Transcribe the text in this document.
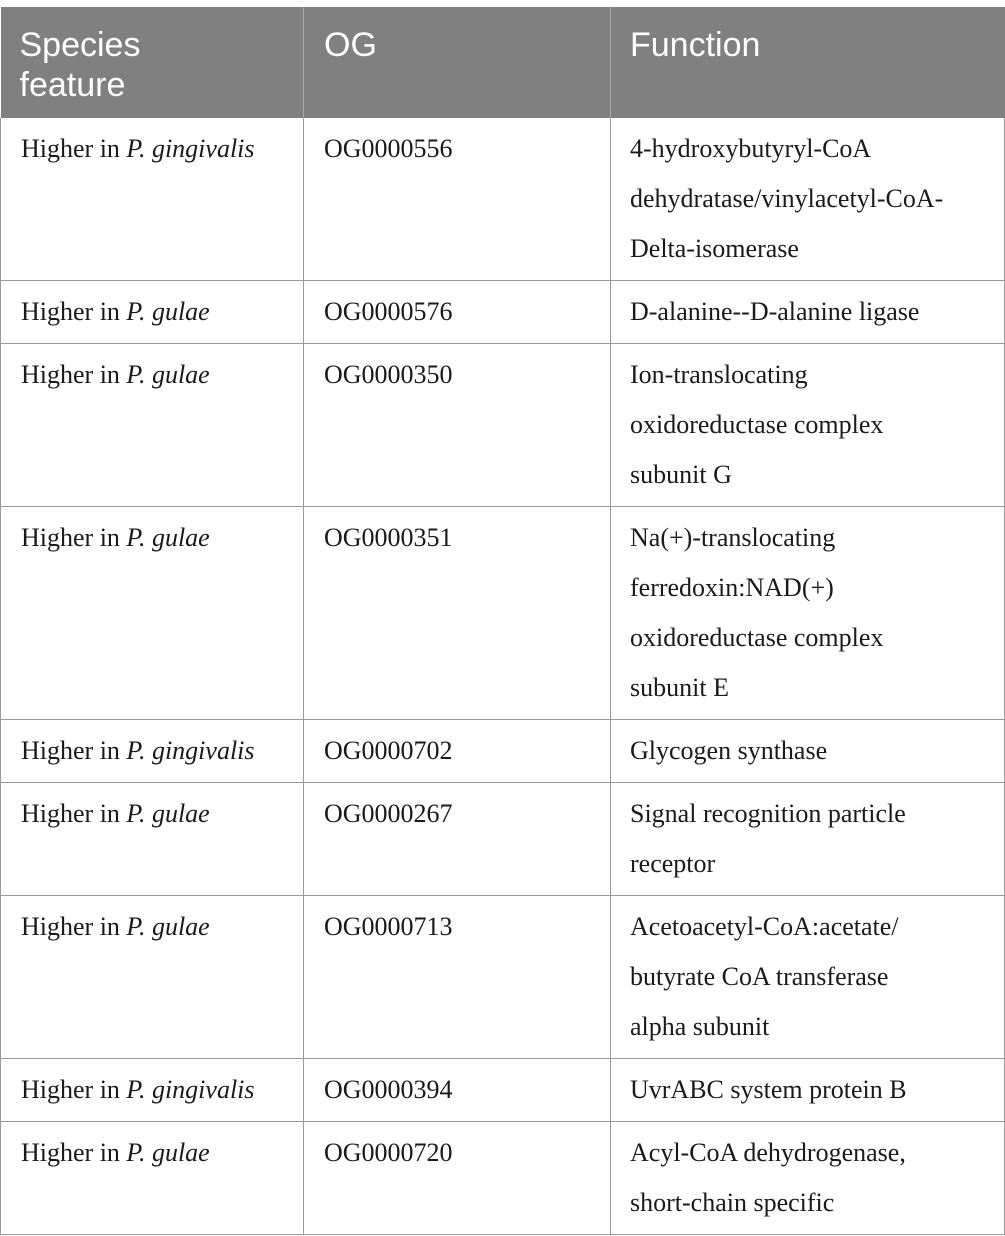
Species
feature	OG	Function
Higher in P. gingivalis	OG0000556	4-hydroxybutyryl-CoA
dehydratase/vinylacetyl-CoA-
Delta-isomerase
Higher in P. gulae	OG0000576	D-alanine--D-alanine ligase
Higher in P. gulae	OG0000350	Ion-translocating
oxidoreductase complex
subunit G
Higher in P. gulae	OG0000351	Na(+)-translocating
ferredoxin:NAD(+)
oxidoreductase complex
subunit E
Higher in P. gingivalis	OG0000702	Glycogen synthase
Higher in P. gulae	OG0000267	Signal recognition particle
receptor
Higher in P. gulae	OG0000713	Acetoacetyl-CoA:acetate/
butyrate CoA transferase
alpha subunit
Higher in P. gingivalis	OG0000394	UvrABC system protein B
Higher in P. gulae	OG0000720	Acyl-CoA dehydrogenase,
short-chain specific
